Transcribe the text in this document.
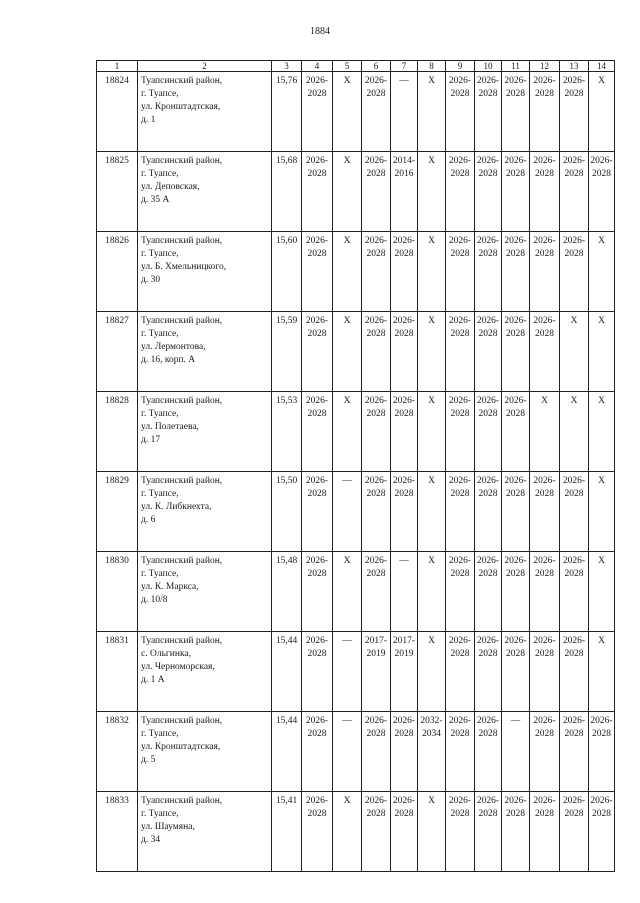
1884
1	2	3	4	5	6	7	8	9	10	11	12	13	14
18824	Туапсинский район,
г. Туапсе,
ул. Кронштадтская,
д. 1	15,76	2026-
2028	X	2026-
2028	—	X	2026-
2028	2026-
2028	2026-
2028	2026-
2028	2026-
2028	X
18825	Туапсинский район,
г. Туапсе,
ул. Деповская,
д. 35 А	15,68	2026-
2028	X	2026-
2028	2014-
2016	X	2026-
2028	2026-
2028	2026-
2028	2026-
2028	2026-
2028	2026-
2028
18826	Туапсинский район,
г. Туапсе,
ул. Б. Хмельницкого,
д. 30	15,60	2026-
2028	X	2026-
2028	2026-
2028	X	2026-
2028	2026-
2028	2026-
2028	2026-
2028	2026-
2028	X
18827	Туапсинский район,
г. Туапсе,
ул. Лермонтова,
д. 16, корп. А	15,59	2026-
2028	X	2026-
2028	2026-
2028	X	2026-
2028	2026-
2028	2026-
2028	2026-
2028	X	X
18828	Туапсинский район,
г. Туапсе,
ул. Полетаева,
д. 17	15,53	2026-
2028	X	2026-
2028	2026-
2028	X	2026-
2028	2026-
2028	2026-
2028	X	X	X
18829	Туапсинский район,
г. Туапсе,
ул. К. Либкнехта,
д. 6	15,50	2026-
2028	—	2026-
2028	2026-
2028	X	2026-
2028	2026-
2028	2026-
2028	2026-
2028	2026-
2028	X
18830	Туапсинский район,
г. Туапсе,
ул. К. Маркса,
д. 10/8	15,48	2026-
2028	X	2026-
2028	—	X	2026-
2028	2026-
2028	2026-
2028	2026-
2028	2026-
2028	X
18831	Туапсинский район,
с. Ольгинка,
ул. Черноморская,
д. 1 А	15,44	2026-
2028	—	2017-
2019	2017-
2019	X	2026-
2028	2026-
2028	2026-
2028	2026-
2028	2026-
2028	X
18832	Туапсинский район,
г. Туапсе,
ул. Кронштадтская,
д. 5	15,44	2026-
2028	—	2026-
2028	2026-
2028	2032-
2034	2026-
2028	2026-
2028	—	2026-
2028	2026-
2028	2026-
2028
18833	Туапсинский район,
г. Туапсе,
ул. Шаумяна,
д. 34	15,41	2026-
2028	X	2026-
2028	2026-
2028	X	2026-
2028	2026-
2028	2026-
2028	2026-
2028	2026-
2028	2026-
2028
